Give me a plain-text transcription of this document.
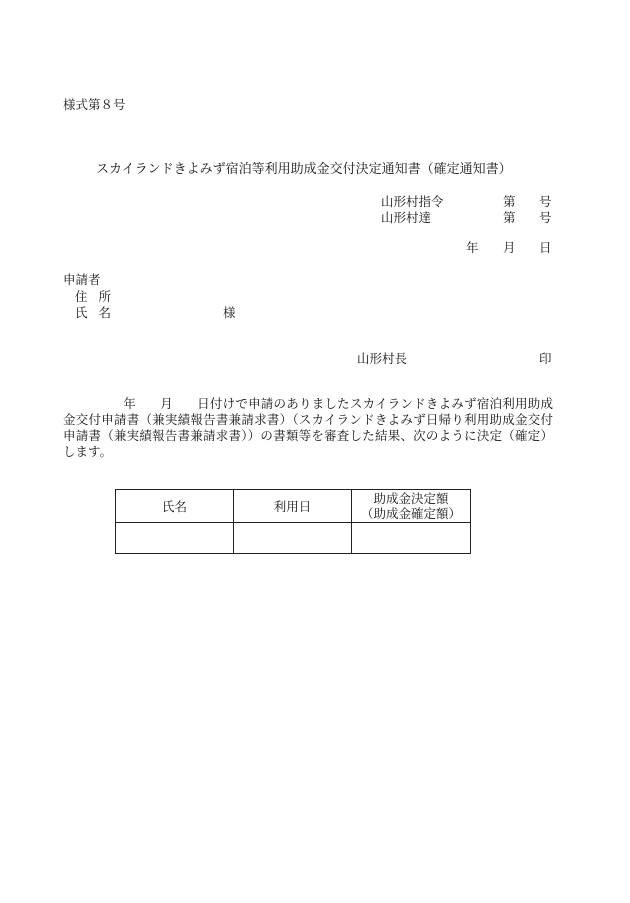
様式第８号
スカイランドきよみず宿泊等利用助成金交付決定通知書（確定通知書）
山形村指令	第 号
山形村達	第 号
年 月 日
申請者
住所
氏名	様
山形村長	印
年 月 日付けで申請のありましたスカイランドきよみず宿泊利用助成金交付申請書（兼実績報告書兼請求書）（スカイランドきよみず日帰り利用助成金交付申請書（兼実績報告書兼請求書））の書類等を審査した結果、次のように決定（確定）します。
氏名	利用日	助成金決定額
（助成金確定額）
